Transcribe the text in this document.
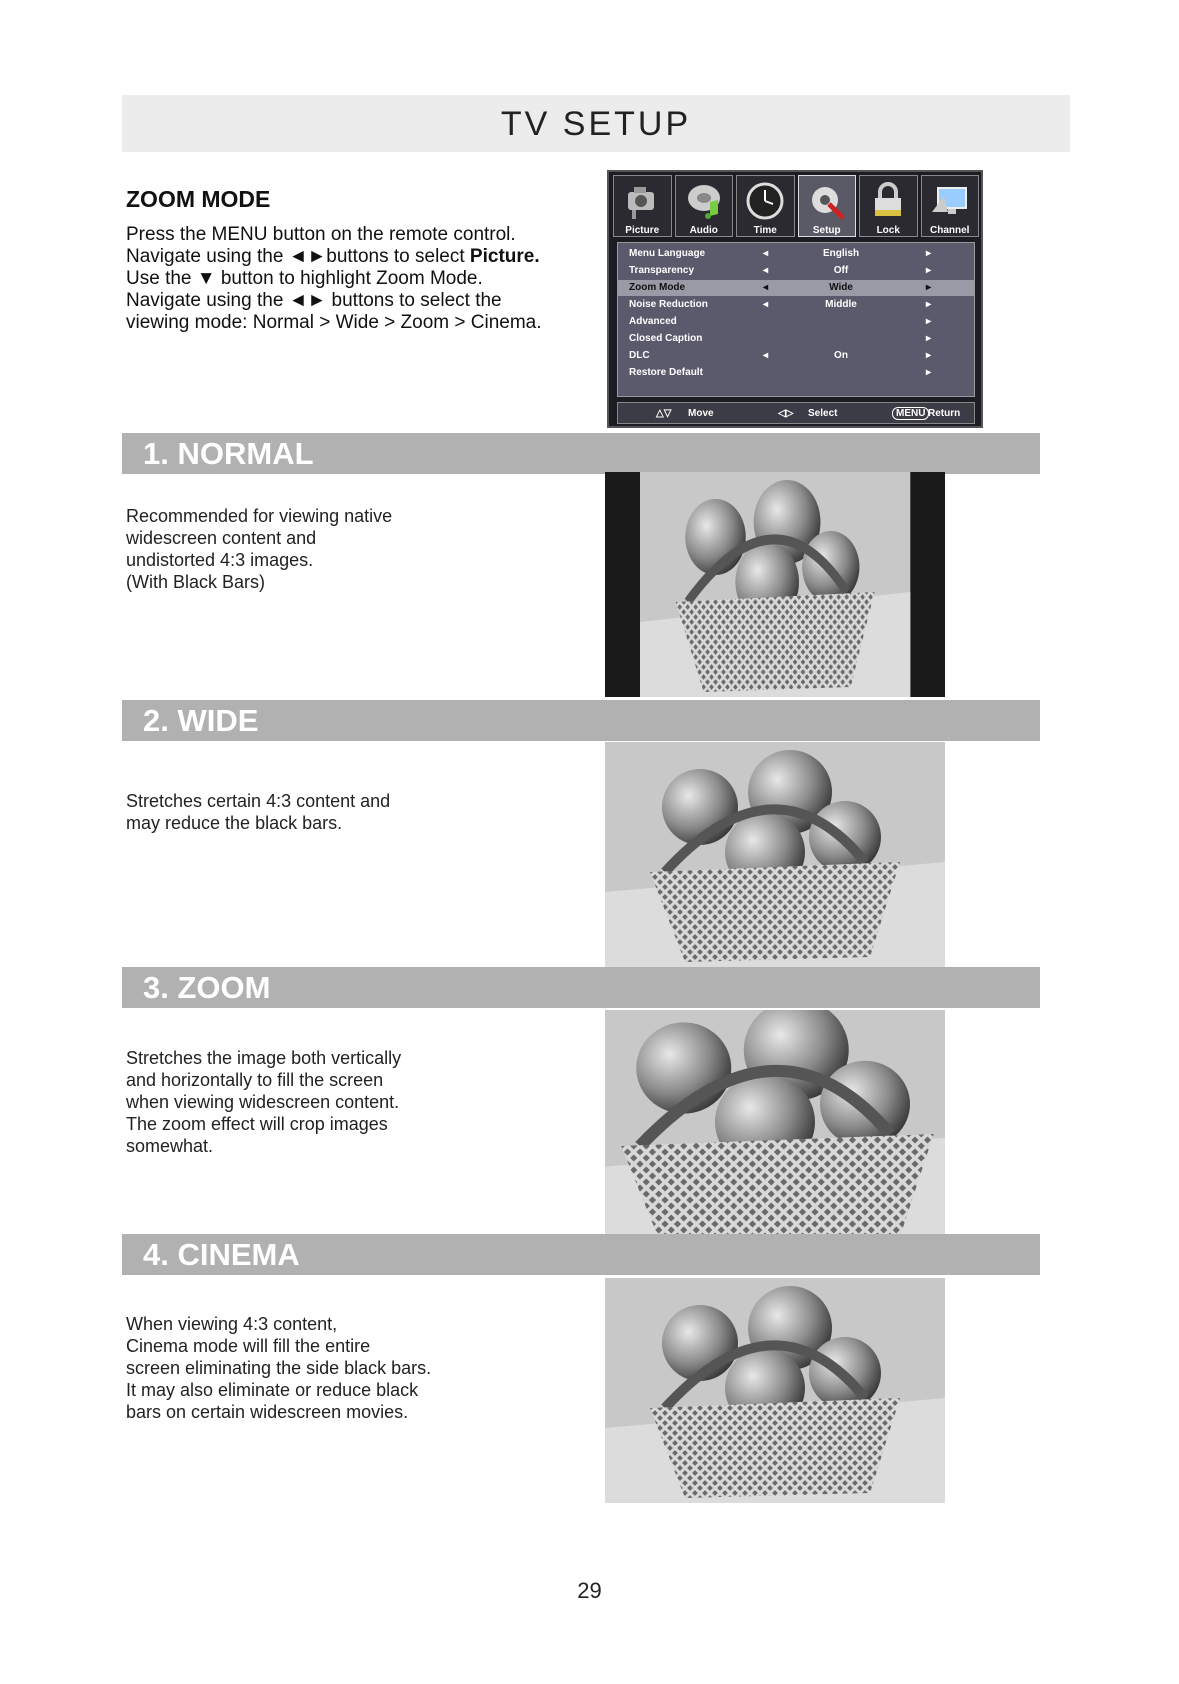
TV SETUP
ZOOM MODE

Press the MENU button on the remote control.

Navigate using the ◄►buttons to select Picture.

Use the ▼ button to highlight Zoom Mode.

Navigate using the ◄► buttons to select the

viewing mode: Normal > Wide > Zoom > Cinema.

Picture	Audio	Time	Setup	Lock	Channel
Menu Language	◂	English	▸
Transparency	◂	Off	▸
Zoom Mode	◂	Wide	▸
Noise Reduction	◂	Middle	▸
Advanced	▸
Closed Caption	▸
DLC	◂	On	▸
Restore Default	▸
△▽ Move	◁▷ Select	MENU Return
1. NORMAL

Recommended for viewing native

widescreen content and

undistorted 4:3 images.

(With Black Bars)

2. WIDE

Stretches certain 4:3 content and

may reduce the black bars.

3. ZOOM

Stretches the image both vertically

and horizontally to fill the screen

when viewing widescreen content.

The zoom effect will crop images

somewhat.

4. CINEMA

When viewing 4:3 content,

Cinema mode will fill the entire

screen eliminating the side black bars.

It may also eliminate or reduce black

bars on certain widescreen movies.

29
